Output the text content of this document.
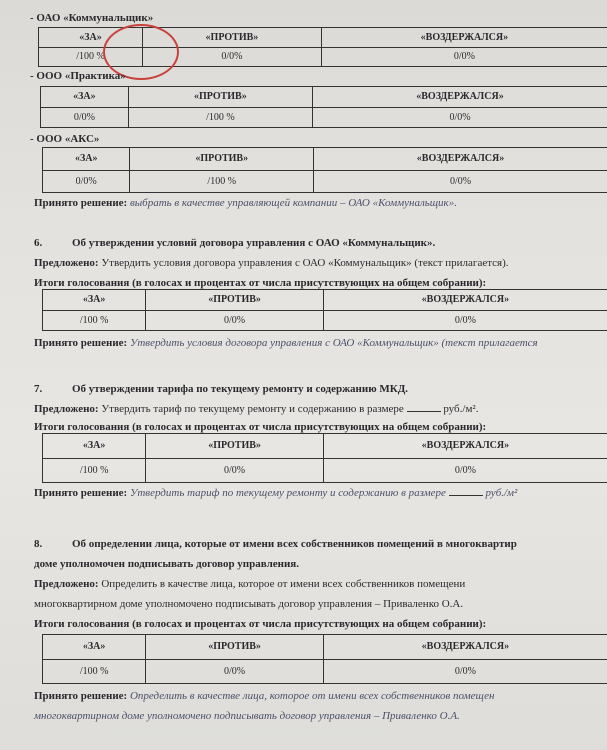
- ОАО «Коммунальщик»
«ЗА»	«ПРОТИВ»	«ВОЗДЕРЖАЛСЯ»
/100 %	0/0%	0/0%
- ООО «Практика»
«ЗА»	«ПРОТИВ»	«ВОЗДЕРЖАЛСЯ»
0/0%	/100 %	0/0%
- ООО «АКС»
«ЗА»	«ПРОТИВ»	«ВОЗДЕРЖАЛСЯ»
0/0%	/100 %	0/0%
Принято решение: выбрать в качестве управляющей компании – ОАО «Коммунальщик».
6.	Об утверждении условий договора управления с ОАО «Коммунальщик».
Предложено: Утвердить условия договора управления с ОАО «Коммунальщик» (текст прилагается).
Итоги голосования (в голосах и процентах от числа присутствующих на общем собрании):
«ЗА»	«ПРОТИВ»	«ВОЗДЕРЖАЛСЯ»
/100 %	0/0%	0/0%
Принято решение: Утвердить условия договора управления с ОАО «Коммунальщик» (текст прилагается
7.	Об утверждении тарифа по текущему ремонту и содержанию МКД.
Предложено: Утвердить тариф по текущему ремонту и содержанию в размере	руб./м².
Итоги голосования (в голосах и процентах от числа присутствующих на общем собрании):
«ЗА»	«ПРОТИВ»	«ВОЗДЕРЖАЛСЯ»
/100 %	0/0%	0/0%
Принято решение: Утвердить тариф по текущему ремонту и содержанию в размере	руб./м²
8.	Об определении лица, которые от имени всех собственников помещений в многоквартир
доме уполномочен подписывать договор управления.
Предложено: Определить в качестве лица, которое от имени всех собственников помещени
многоквартирном доме уполномочено подписывать договор управления – Приваленко О.А.
Итоги голосования (в голосах и процентах от числа присутствующих на общем собрании):
«ЗА»	«ПРОТИВ»	«ВОЗДЕРЖАЛСЯ»
/100 %	0/0%	0/0%
Принято решение: Определить в качестве лица, которое от имени всех собственников помещен
многоквартирном доме уполномочено подписывать договор управления – Приваленко О.А.
